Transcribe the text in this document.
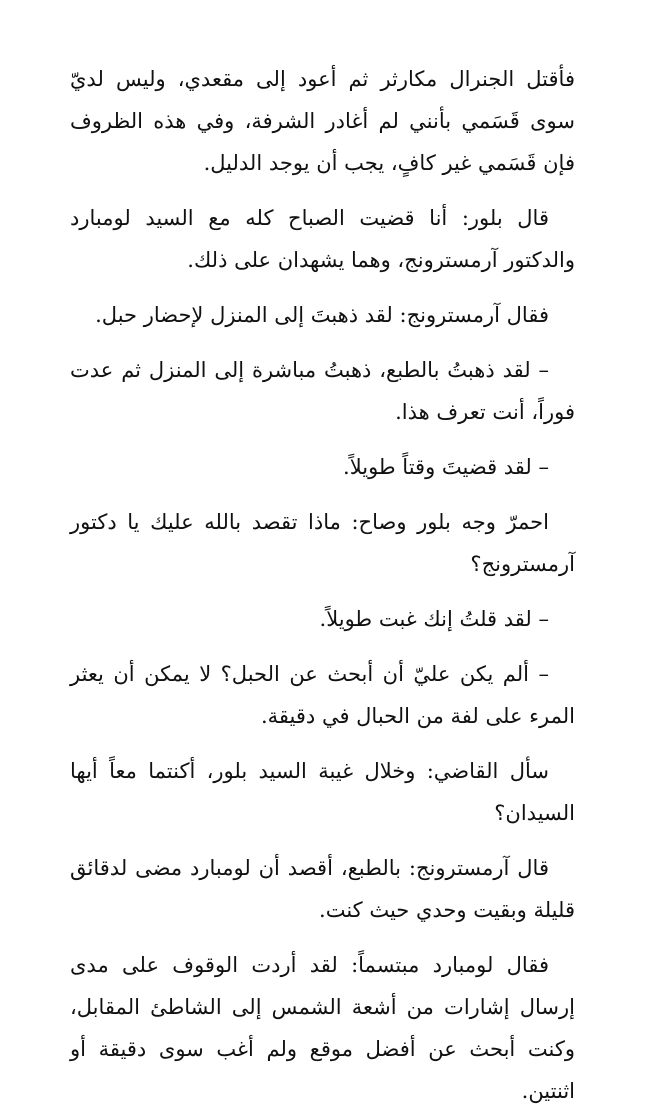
فأقتل الجنرال مكارثر ثم أعود إلى مقعدي، وليس لديّ سوى قَسَمي بأنني لم أغادر الشرفة، وفي هذه الظروف فإن قَسَمي غير كافٍ، يجب أن يوجد الدليل.

قال بلور: أنا قضيت الصباح كله مع السيد لومبارد والدكتور آرمسترونج، وهما يشهدان على ذلك.

فقال آرمسترونج: لقد ذهبتَ إلى المنزل لإحضار حبل.

– لقد ذهبتُ بالطبع، ذهبتُ مباشرة إلى المنزل ثم عدت فوراً، أنت تعرف هذا.

– لقد قضيتَ وقتاً طويلاً.

احمرّ وجه بلور وصاح: ماذا تقصد بالله عليك يا دكتور آرمسترونج؟

– لقد قلتُ إنك غبت طويلاً.

– ألم يكن عليّ أن أبحث عن الحبل؟ لا يمكن أن يعثر المرء على لفة من الحبال في دقيقة.

سأل القاضي: وخلال غيبة السيد بلور، أكنتما معاً أيها السيدان؟

قال آرمسترونج: بالطبع، أقصد أن لومبارد مضى لدقائق قليلة وبقيت وحدي حيث كنت.

فقال لومبارد مبتسماً: لقد أردت الوقوف على مدى إرسال إشارات من أشعة الشمس إلى الشاطئ المقابل، وكنت أبحث عن أفضل موقع ولم أغب سوى دقيقة أو اثنتين.
